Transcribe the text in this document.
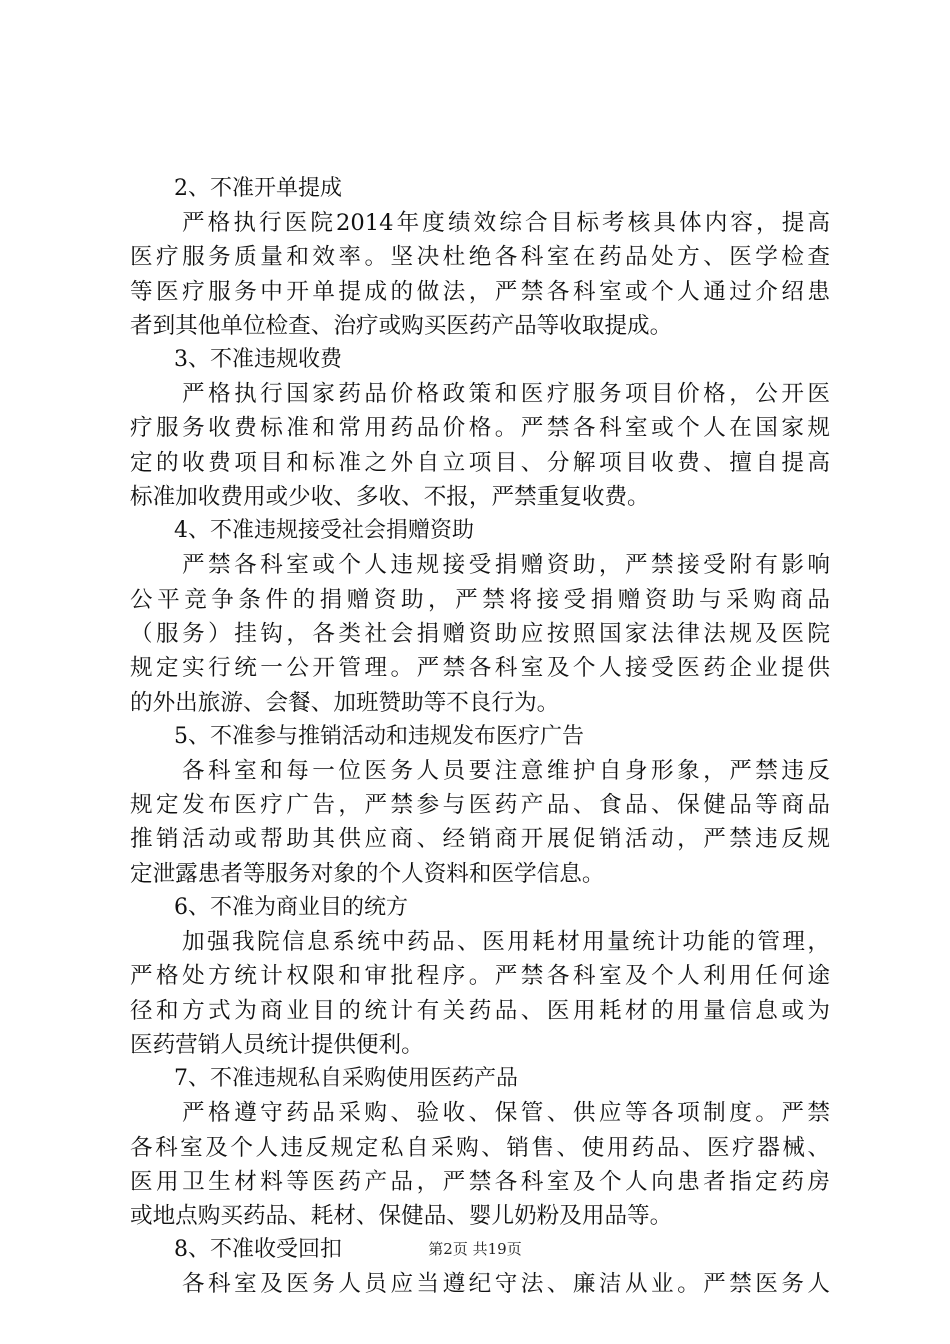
2、不准开单提成
严格执行医院2014年度绩效综合目标考核具体内容，提高
医疗服务质量和效率。坚决杜绝各科室在药品处方、医学检查
等医疗服务中开单提成的做法，严禁各科室或个人通过介绍患
者到其他单位检查、治疗或购买医药产品等收取提成。
3、不准违规收费
严格执行国家药品价格政策和医疗服务项目价格，公开医
疗服务收费标准和常用药品价格。严禁各科室或个人在国家规
定的收费项目和标准之外自立项目、分解项目收费、擅自提高
标准加收费用或少收、多收、不报，严禁重复收费。
4、不准违规接受社会捐赠资助
严禁各科室或个人违规接受捐赠资助，严禁接受附有影响
公平竞争条件的捐赠资助，严禁将接受捐赠资助与采购商品
（服务）挂钩，各类社会捐赠资助应按照国家法律法规及医院
规定实行统一公开管理。严禁各科室及个人接受医药企业提供
的外出旅游、会餐、加班赞助等不良行为。
5、不准参与推销活动和违规发布医疗广告
各科室和每一位医务人员要注意维护自身形象，严禁违反
规定发布医疗广告，严禁参与医药产品、食品、保健品等商品
推销活动或帮助其供应商、经销商开展促销活动，严禁违反规
定泄露患者等服务对象的个人资料和医学信息。
6、不准为商业目的统方
加强我院信息系统中药品、医用耗材用量统计功能的管理，
严格处方统计权限和审批程序。严禁各科室及个人利用任何途
径和方式为商业目的统计有关药品、医用耗材的用量信息或为
医药营销人员统计提供便利。
7、不准违规私自采购使用医药产品
严格遵守药品采购、验收、保管、供应等各项制度。严禁
各科室及个人违反规定私自采购、销售、使用药品、医疗器械、
医用卫生材料等医药产品，严禁各科室及个人向患者指定药房
或地点购买药品、耗材、保健品、婴儿奶粉及用品等。
8、不准收受回扣
各科室及医务人员应当遵纪守法、廉洁从业。严禁医务人
第2页 共19页
